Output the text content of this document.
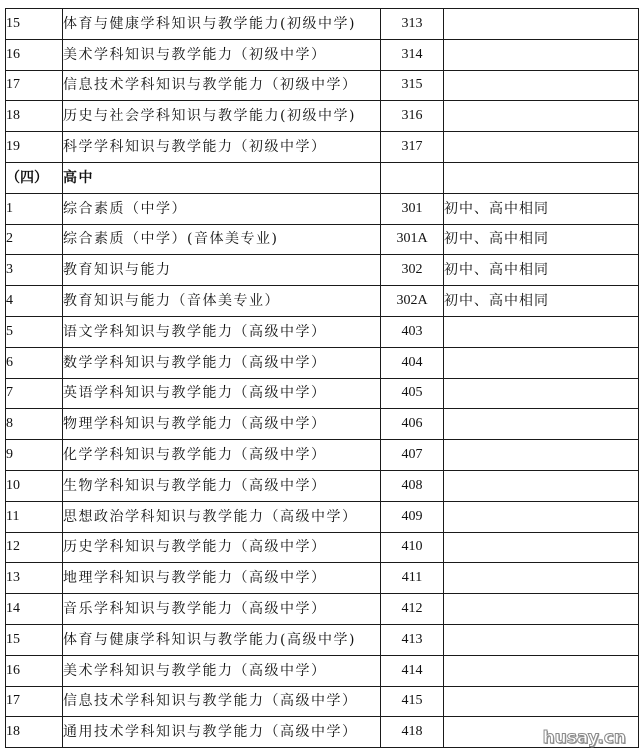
15	体育与健康学科知识与教学能力(初级中学)	313	
16	美术学科知识与教学能力（初级中学）	314	
17	信息技术学科知识与教学能力（初级中学）	315	
18	历史与社会学科知识与教学能力(初级中学)	316	
19	科学学科知识与教学能力（初级中学）	317	
（四）	高中		
1	综合素质（中学）	301	初中、高中相同
2	综合素质（中学）(音体美专业)	301A	初中、高中相同
3	教育知识与能力	302	初中、高中相同
4	教育知识与能力（音体美专业）	302A	初中、高中相同
5	语文学科知识与教学能力（高级中学）	403	
6	数学学科知识与教学能力（高级中学）	404	
7	英语学科知识与教学能力（高级中学）	405	
8	物理学科知识与教学能力（高级中学）	406	
9	化学学科知识与教学能力（高级中学）	407	
10	生物学科知识与教学能力（高级中学）	408	
11	思想政治学科知识与教学能力（高级中学）	409	
12	历史学科知识与教学能力（高级中学）	410	
13	地理学科知识与教学能力（高级中学）	411	
14	音乐学科知识与教学能力（高级中学）	412	
15	体育与健康学科知识与教学能力(高级中学)	413	
16	美术学科知识与教学能力（高级中学）	414	
17	信息技术学科知识与教学能力（高级中学）	415	
18	通用技术学科知识与教学能力（高级中学）	418		husay.cn
